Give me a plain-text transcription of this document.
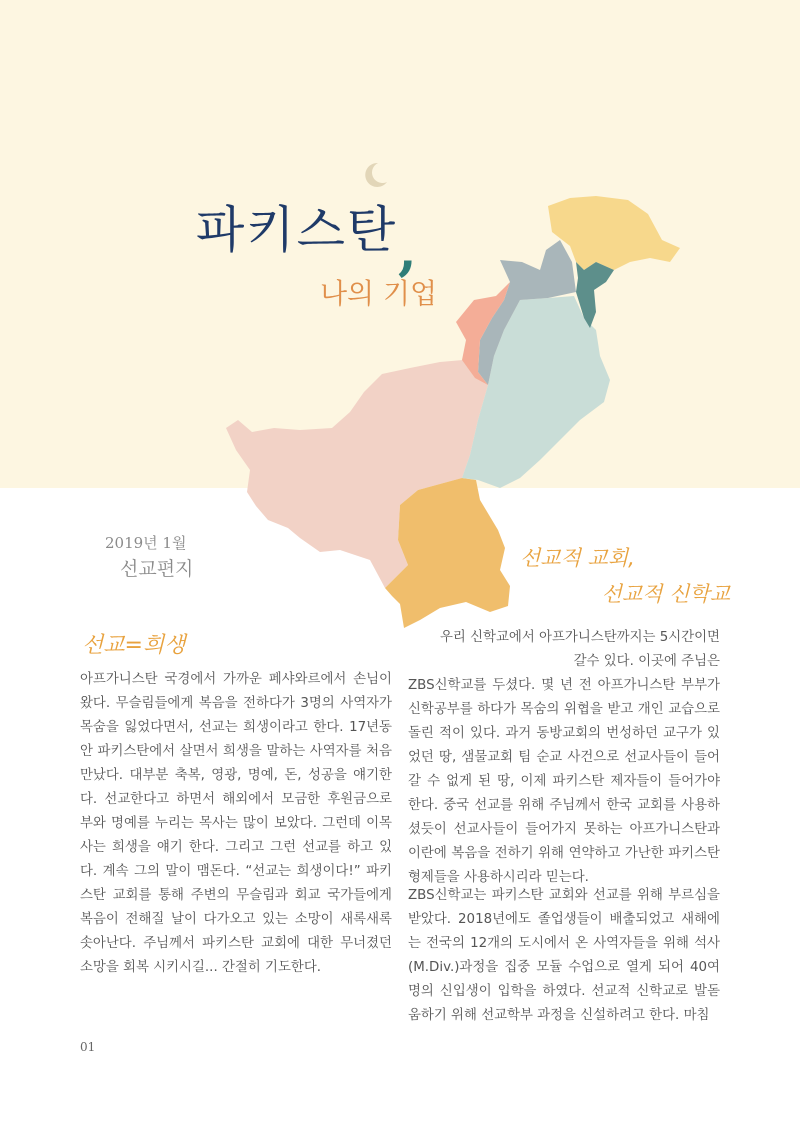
파키스탄 ,
나의 기업
2019년 1월
선교편지	선교적 교회,
선교적 신학교
선교=희생

아프가니스탄 국경에서 가까운 페샤와르에서 손님이 왔다. 무슬림들에게 복음을 전하다가 3명의 사역자가 목숨을 잃었다면서, 선교는 희생이라고 한다. 17년동안 파키스탄에서 살면서 희생을 말하는 사역자를 처음 만났다. 대부분 축복, 영광, 명예, 돈, 성공을 얘기한다. 선교한다고 하면서 해외에서 모금한 후원금으로 부와 명예를 누리는 목사는 많이 보았다. 그런데 이목사는 희생을 얘기 한다. 그리고 그런 선교를 하고 있다. 계속 그의 말이 맴돈다. “선교는 희생이다!” 파키스탄 교회를 통해 주변의 무슬림과 회교 국가들에게 복음이 전해질 날이 다가오고 있는 소망이 새록새록 솟아난다. 주님께서 파키스탄 교회에 대한 무너졌던 소망을 회복 시키시길... 간절히 기도한다.

우리 신학교에서 아프가니스탄까지는 5시간이면 갈수 있다. 이곳에 주님은

ZBS신학교를 두셨다. 몇 년 전 아프가니스탄 부부가 신학공부를 하다가 목숨의 위협을 받고 개인 교습으로 돌린 적이 있다. 과거 동방교회의 번성하던 교구가 있었던 땅, 샘물교회 팀 순교 사건으로 선교사들이 들어갈 수 없게 된 땅, 이제 파키스탄 제자들이 들어가야 한다. 중국 선교를 위해 주님께서 한국 교회를 사용하셨듯이 선교사들이 들어가지 못하는 아프가니스탄과 이란에 복음을 전하기 위해 연약하고 가난한 파키스탄 형제들을 사용하시리라 믿는다.

ZBS신학교는 파키스탄 교회와 선교를 위해 부르심을 받았다. 2018년에도 졸업생들이 배출되었고 새해에는 전국의 12개의 도시에서 온 사역자들을 위해 석사(M.Div.)과정을 집중 모듈 수업으로 열게 되어 40여명의 신입생이 입학을 하였다. 선교적 신학교로 발돋움하기 위해 선교학부 과정을 신설하려고 한다. 마침

01
